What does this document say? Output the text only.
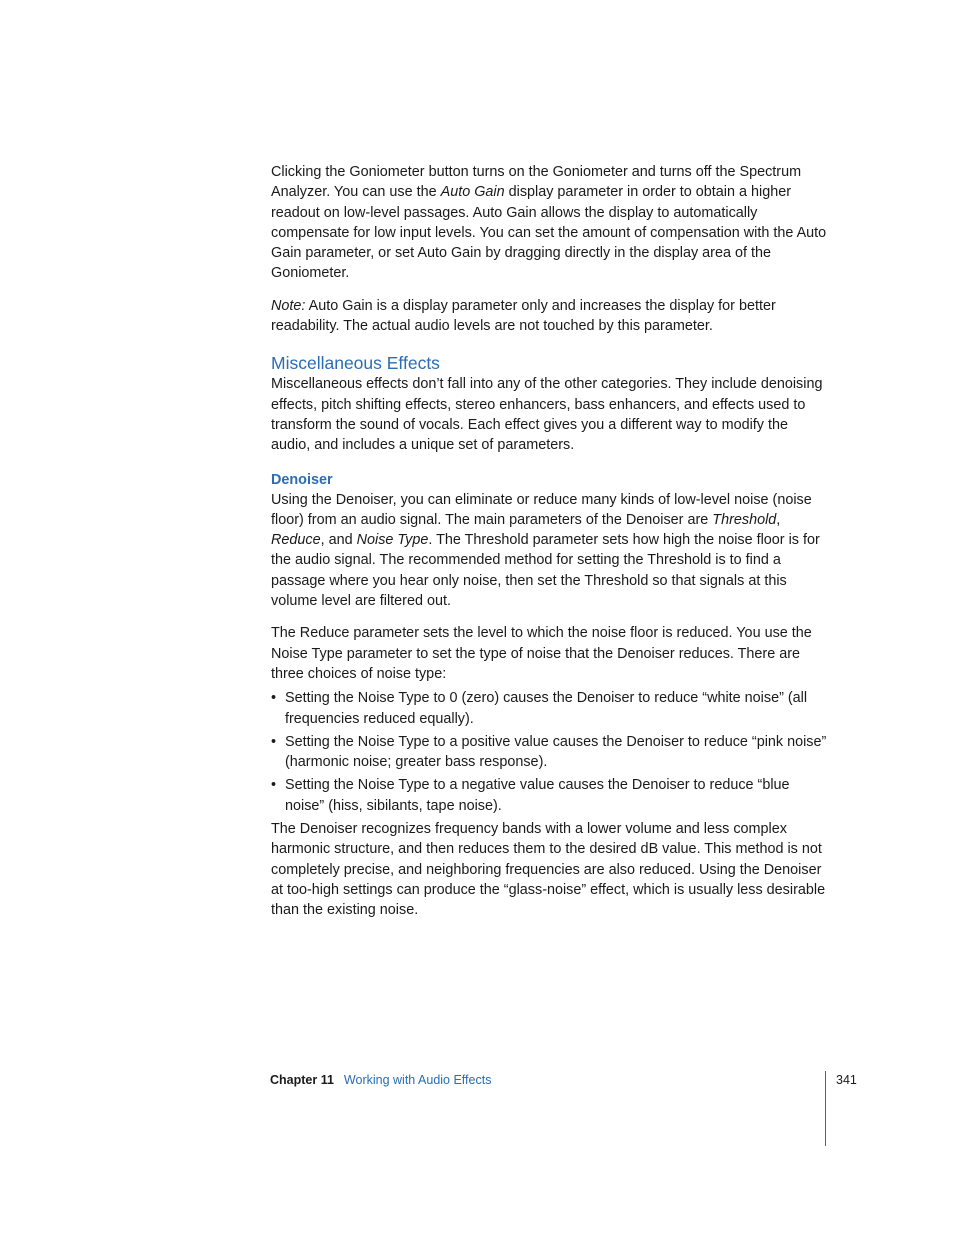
Clicking the Goniometer button turns on the Goniometer and turns off the Spectrum Analyzer. You can use the Auto Gain display parameter in order to obtain a higher readout on low-level passages. Auto Gain allows the display to automatically compensate for low input levels. You can set the amount of compensation with the Auto Gain parameter, or set Auto Gain by dragging directly in the display area of the Goniometer.

Note: Auto Gain is a display parameter only and increases the display for better readability. The actual audio levels are not touched by this parameter.

Miscellaneous Effects

Miscellaneous effects don’t fall into any of the other categories. They include denoising effects, pitch shifting effects, stereo enhancers, bass enhancers, and effects used to transform the sound of vocals. Each effect gives you a different way to modify the audio, and includes a unique set of parameters.

Denoiser

Using the Denoiser, you can eliminate or reduce many kinds of low-level noise (noise floor) from an audio signal. The main parameters of the Denoiser are Threshold, Reduce, and Noise Type. The Threshold parameter sets how high the noise floor is for the audio signal. The recommended method for setting the Threshold is to find a passage where you hear only noise, then set the Threshold so that signals at this volume level are filtered out.

The Reduce parameter sets the level to which the noise floor is reduced. You use the Noise Type parameter to set the type of noise that the Denoiser reduces. There are three choices of noise type:

• Setting the Noise Type to 0 (zero) causes the Denoiser to reduce “white noise” (all frequencies reduced equally).
• Setting the Noise Type to a positive value causes the Denoiser to reduce “pink noise” (harmonic noise; greater bass response).
• Setting the Noise Type to a negative value causes the Denoiser to reduce “blue noise” (hiss, sibilants, tape noise).

The Denoiser recognizes frequency bands with a lower volume and less complex harmonic structure, and then reduces them to the desired dB value. This method is not completely precise, and neighboring frequencies are also reduced. Using the Denoiser at too-high settings can produce the “glass-noise” effect, which is usually less desirable than the existing noise.

Chapter 11 Working with Audio Effects	341
